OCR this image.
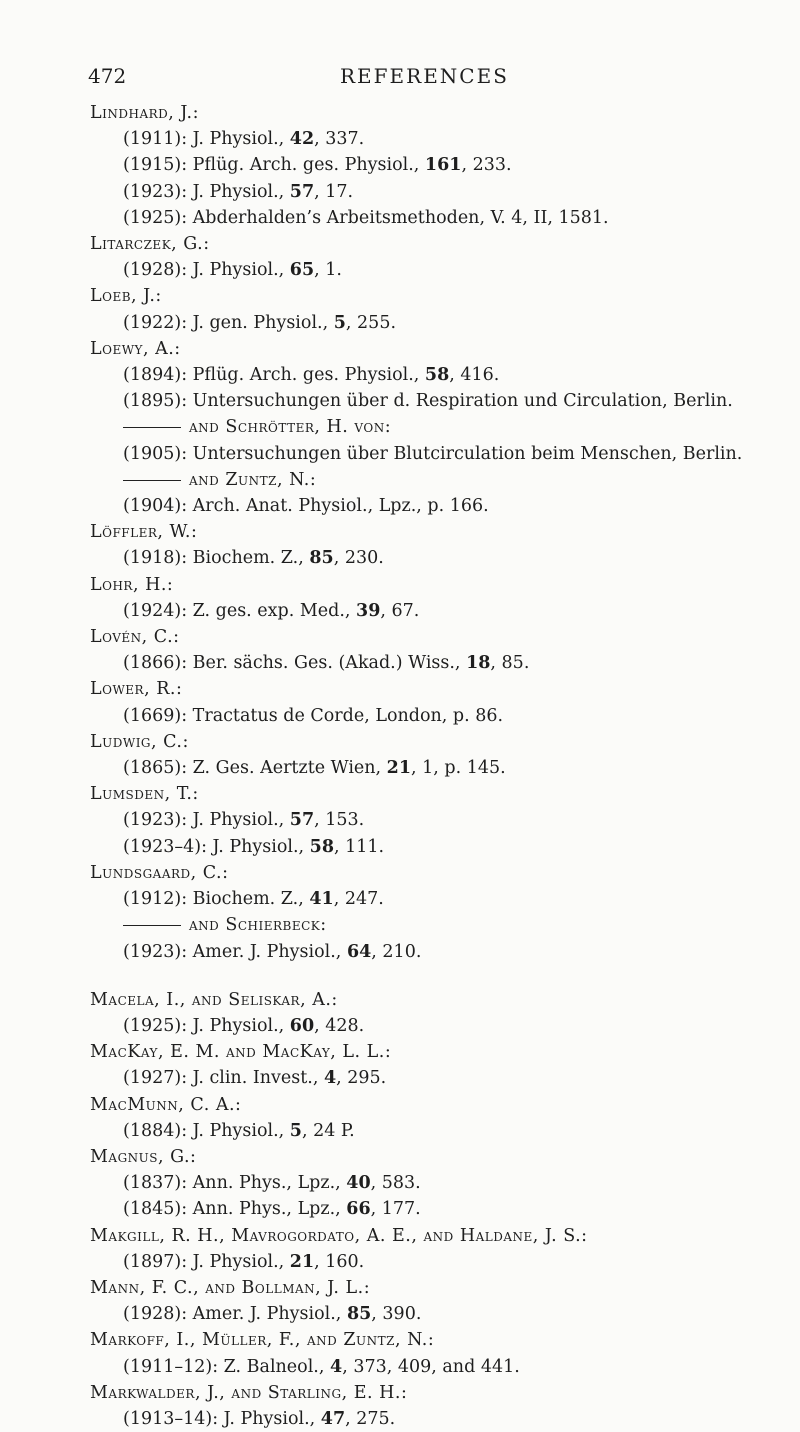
472	REFERENCES
Lindhard, J.:
(1911): J. Physiol., 42, 337.
(1915): Pflüg. Arch. ges. Physiol., 161, 233.
(1923): J. Physiol., 57, 17.
(1925): Abderhalden’s Arbeitsmethoden, V. 4, II, 1581.
Litarczek, G.:
(1928): J. Physiol., 65, 1.
Loeb, J.:
(1922): J. gen. Physiol., 5, 255.
Loewy, A.:
(1894): Pflüg. Arch. ges. Physiol., 58, 416.
(1895): Untersuchungen über d. Respiration und Circulation, Berlin.
and Schrötter, H. von:
(1905): Untersuchungen über Blutcirculation beim Menschen, Berlin.
and Zuntz, N.:
(1904): Arch. Anat. Physiol., Lpz., p. 166.
Löffler, W.:
(1918): Biochem. Z., 85, 230.
Lohr, H.:
(1924): Z. ges. exp. Med., 39, 67.
Lovén, C.:
(1866): Ber. sächs. Ges. (Akad.) Wiss., 18, 85.
Lower, R.:
(1669): Tractatus de Corde, London, p. 86.
Ludwig, C.:
(1865): Z. Ges. Aertzte Wien, 21, 1, p. 145.
Lumsden, T.:
(1923): J. Physiol., 57, 153.
(1923–4): J. Physiol., 58, 111.
Lundsgaard, C.:
(1912): Biochem. Z., 41, 247.
and Schierbeck:
(1923): Amer. J. Physiol., 64, 210.
Macela, I., and Seliskar, A.:
(1925): J. Physiol., 60, 428.
MacKay, E. M. and MacKay, L. L.:
(1927): J. clin. Invest., 4, 295.
MacMunn, C. A.:
(1884): J. Physiol., 5, 24 P.
Magnus, G.:
(1837): Ann. Phys., Lpz., 40, 583.
(1845): Ann. Phys., Lpz., 66, 177.
Makgill, R. H., Mavrogordato, A. E., and Haldane, J. S.:
(1897): J. Physiol., 21, 160.
Mann, F. C., and Bollman, J. L.:
(1928): Amer. J. Physiol., 85, 390.
Markoff, I., Müller, F., and Zuntz, N.:
(1911–12): Z. Balneol., 4, 373, 409, and 441.
Markwalder, J., and Starling, E. H.:
(1913–14): J. Physiol., 47, 275.
